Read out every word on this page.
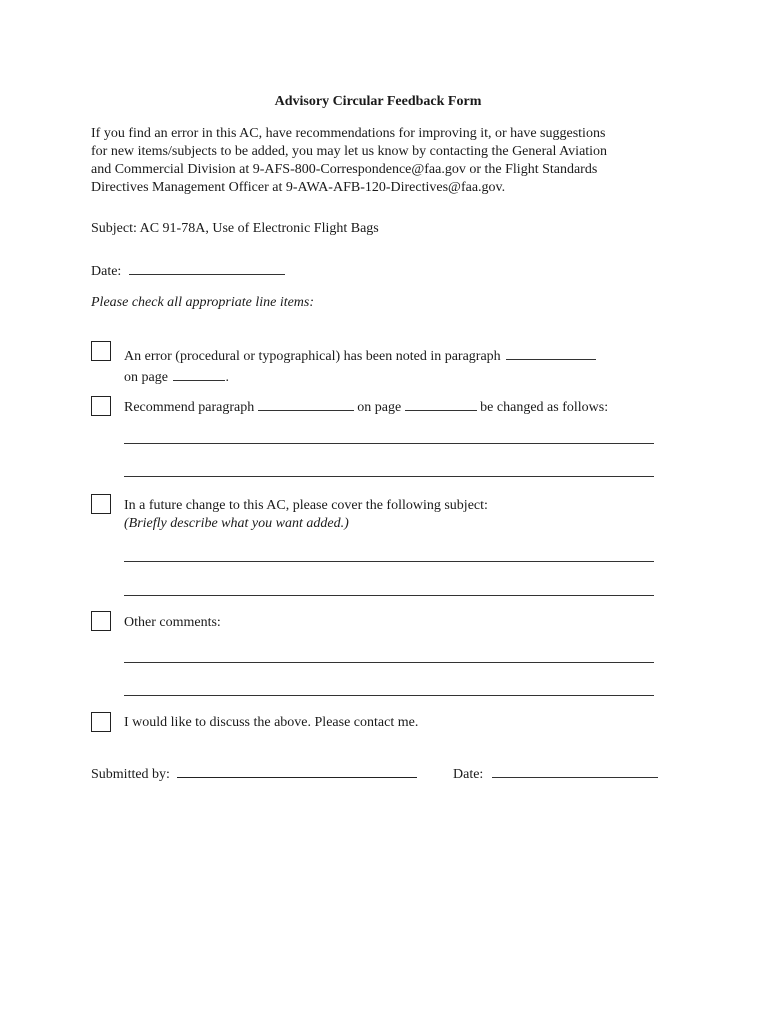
Advisory Circular Feedback Form
If you find an error in this AC, have recommendations for improving it, or have suggestions
for new items/subjects to be added, you may let us know by contacting the General Aviation
and Commercial Division at 9-AFS-800-Correspondence@faa.gov or the Flight Standards
Directives Management Officer at 9-AWA-AFB-120-Directives@faa.gov.
Subject: AC 91-78A, Use of Electronic Flight Bags
Date:
Please check all appropriate line items:
An error (procedural or typographical) has been noted in paragraph
on page	.
Recommend paragraph	on page	be changed as follows:
In a future change to this AC, please cover the following subject:
(Briefly describe what you want added.)
Other comments:
I would like to discuss the above. Please contact me.
Submitted by:	Date:
